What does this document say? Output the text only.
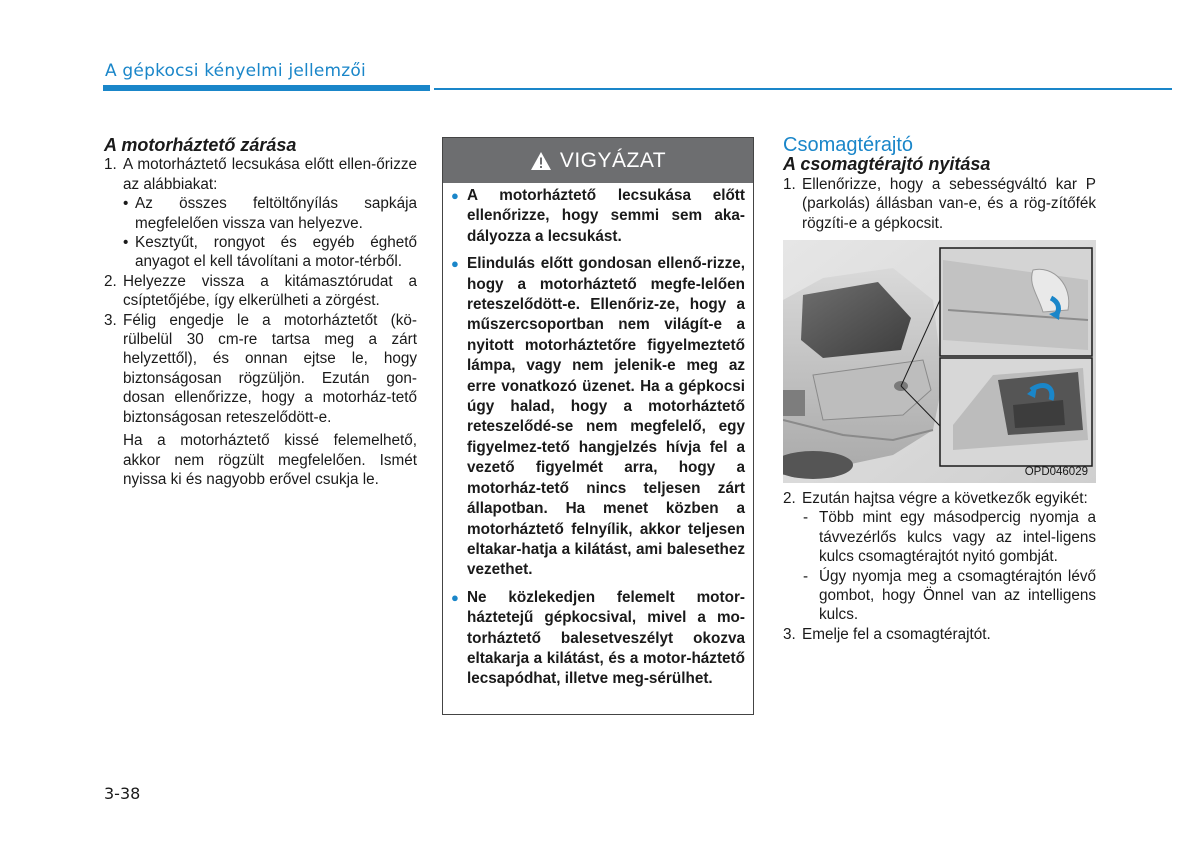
A gépkocsi kényelmi jellemzői

A motorháztető zárása

1. A motorháztető lecsukása előtt ellen-őrizze az alábbiakat:
• Az összes feltöltőnyílás sapkája megfelelően vissza van helyezve.
• Kesztyűt, rongyot és egyéb éghető anyagot el kell távolítani a motor-térből.
2. Helyezze vissza a kitámasztórudat a csíptetőjébe, így elkerülheti a zörgést.
3. Félig engedje le a motorháztetőt (kö-rülbelül 30 cm-re tartsa meg a zárt helyzettől), és onnan ejtse le, hogy biztonságosan rögzüljön. Ezután gon-dosan ellenőrizze, hogy a motorház-tető biztonságosan reteszelődött-e.
Ha a motorháztető kissé felemelhető, akkor nem rögzült megfelelően. Ismét nyissa ki és nagyobb erővel csukja le.
VIGYÁZAT
● A motorháztető lecsukása előtt ellenőrizze, hogy semmi sem aka-dályozza a lecsukást.
● Elindulás előtt gondosan ellenő-rizze, hogy a motorháztető megfe-lelően reteszelődött-e. Ellenőriz-ze, hogy a műszercsoportban nem világít-e a nyitott motorháztetőre figyelmeztető lámpa, vagy nem jelenik-e meg az erre vonatkozó üzenet. Ha a gépkocsi úgy halad, hogy a motorháztető reteszelődé-se nem megfelelő, egy figyelmez-tető hangjelzés hívja fel a vezető figyelmét arra, hogy a motorház-tető nincs teljesen zárt állapotban. Ha menet közben a motorháztető felnyílik, akkor teljesen eltakar-hatja a kilátást, ami balesethez vezethet.
● Ne közlekedjen felemelt motor-háztetejű gépkocsival, mivel a mo-torháztető balesetveszélyt okozva eltakarja a kilátást, és a motor-háztető lecsapódhat, illetve meg-sérülhet.

Csomagtérajtó

A csomagtérajtó nyitása

1. Ellenőrizze, hogy a sebességváltó kar P (parkolás) állásban van-e, és a rög-zítőfék rögzíti-e a gépkocsit.
OPD046029
2. Ezután hajtsa végre a következők egyikét:
- Több mint egy másodpercig nyomja a távvezérlős kulcs vagy az intel-ligens kulcs csomagtérajtót nyitó gombját.
- Úgy nyomja meg a csomagtérajtón lévő gombot, hogy Önnel van az intelligens kulcs.
3. Emelje fel a csomagtérajtót.
3-38
